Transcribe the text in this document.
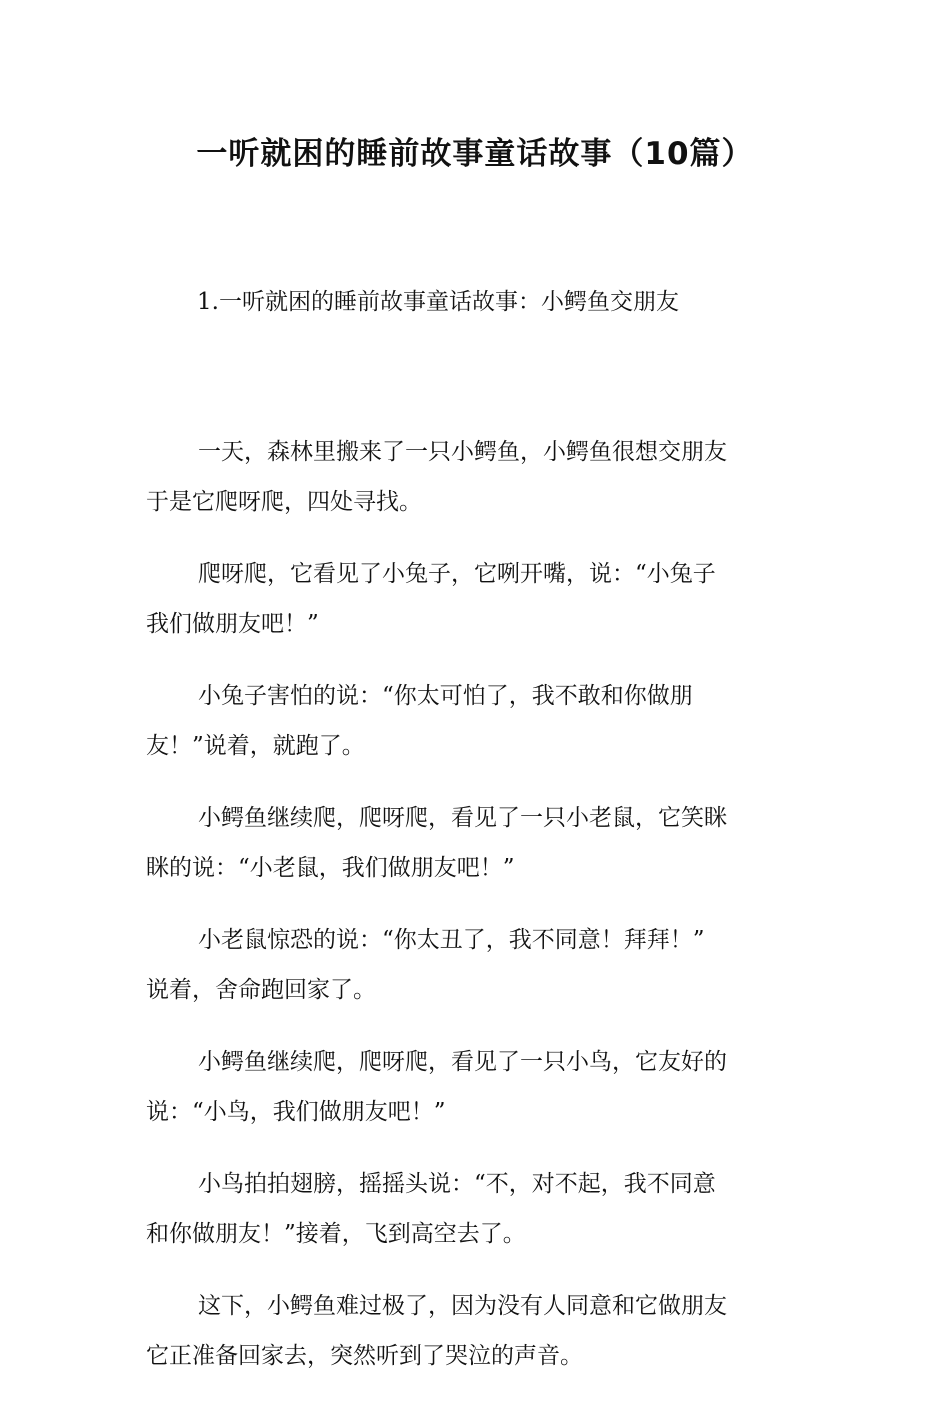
一听就困的睡前故事童话故事（10篇）
1.一听就困的睡前故事童话故事：小鳄鱼交朋友

一天，森林里搬来了一只小鳄鱼，小鳄鱼很想交朋友
于是它爬呀爬，四处寻找。

爬呀爬，它看见了小兔子，它咧开嘴，说：“小兔子
我们做朋友吧！”

小兔子害怕的说：“你太可怕了，我不敢和你做朋
友！”说着，就跑了。

小鳄鱼继续爬，爬呀爬，看见了一只小老鼠，它笑眯
眯的说：“小老鼠，我们做朋友吧！”

小老鼠惊恐的说：“你太丑了，我不同意！拜拜！”
说着，舍命跑回家了。

小鳄鱼继续爬，爬呀爬，看见了一只小鸟，它友好的
说：“小鸟，我们做朋友吧！”

小鸟拍拍翅膀，摇摇头说：“不，对不起，我不同意
和你做朋友！”接着，飞到高空去了。

这下，小鳄鱼难过极了，因为没有人同意和它做朋友
它正准备回家去，突然听到了哭泣的声音。
